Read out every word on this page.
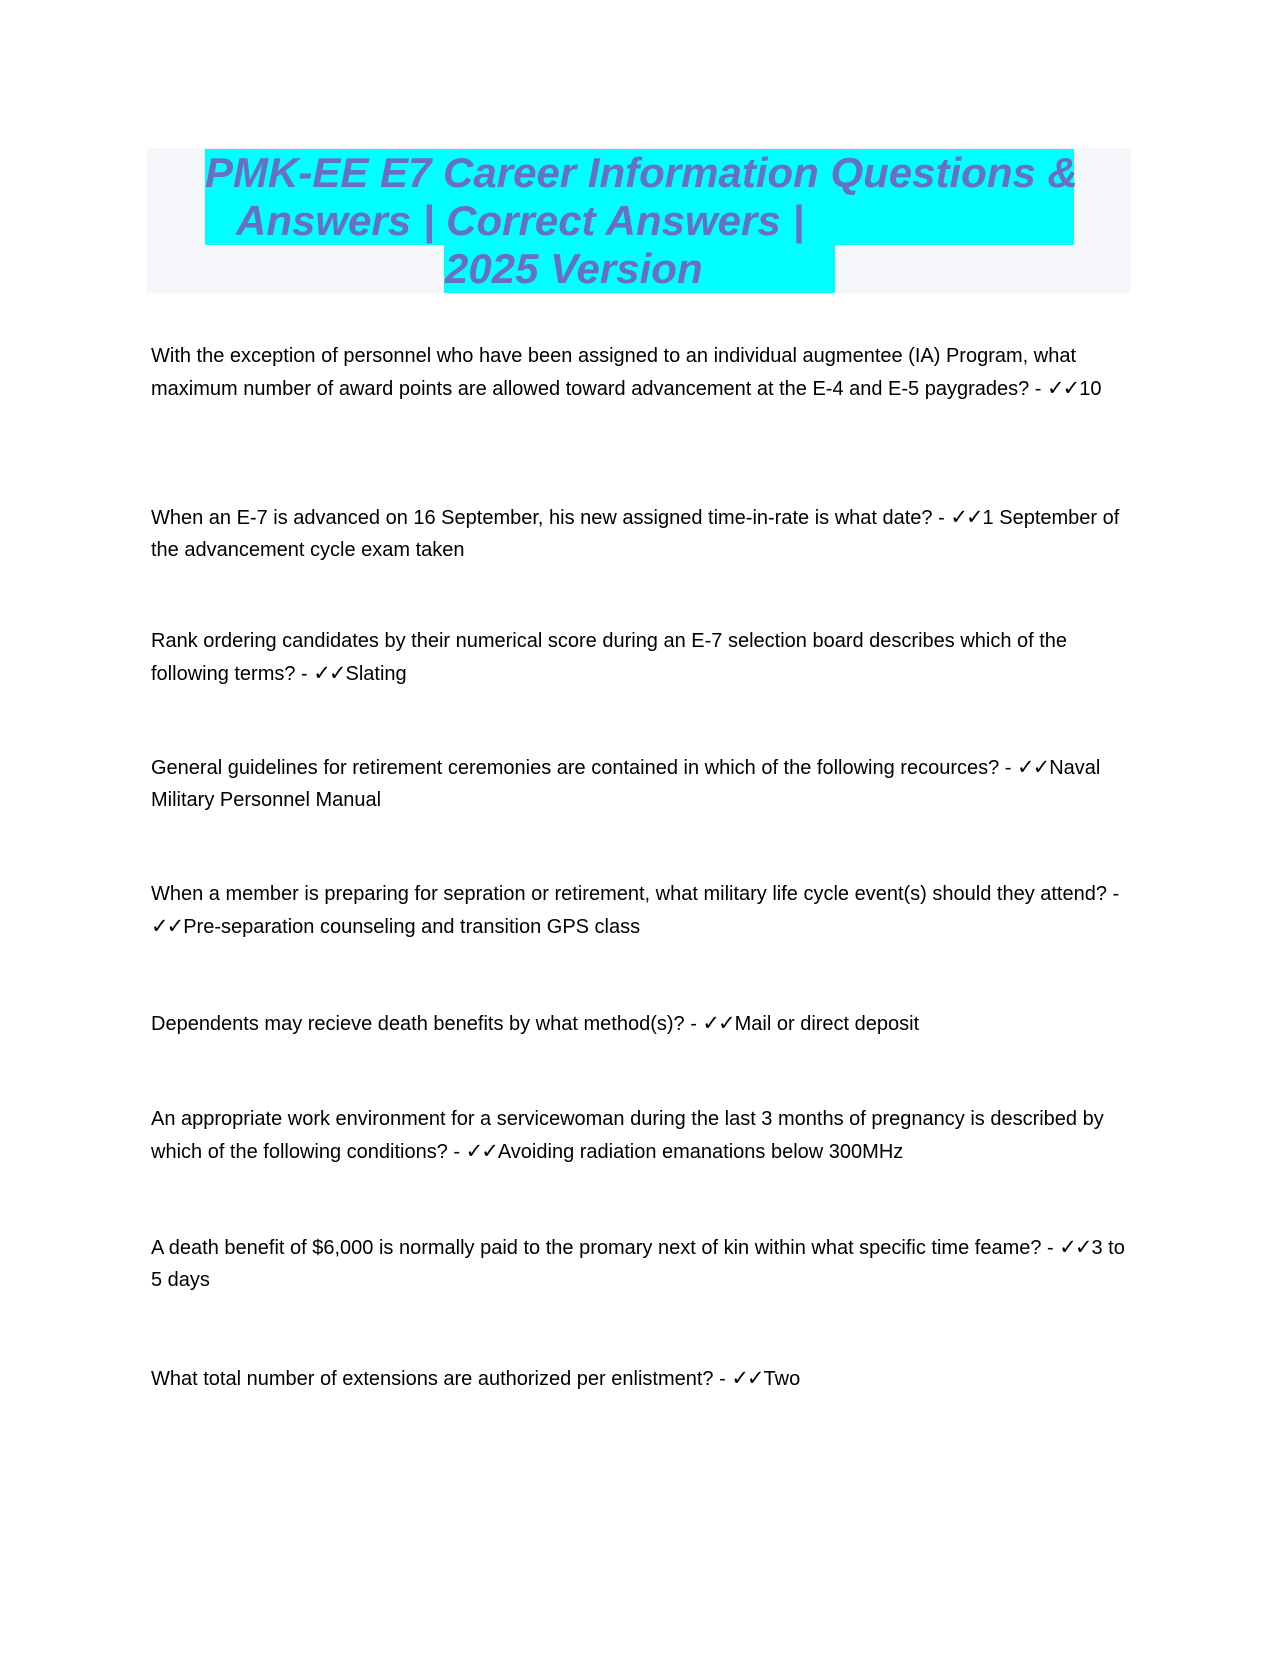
PMK-EE E7 Career Information Questions &
Answers | Correct Answers |
2025 Version
With the exception of personnel who have been assigned to an individual augmentee (IA) Program, what maximum number of award points are allowed toward advancement at the E-4 and E-5 paygrades? - ✓✓10
When an E-7 is advanced on 16 September, his new assigned time-in-rate is what date? - ✓✓1 September of the advancement cycle exam taken
Rank ordering candidates by their numerical score during an E-7 selection board describes which of the following terms? - ✓✓Slating
General guidelines for retirement ceremonies are contained in which of the following recources? - ✓✓Naval Military Personnel Manual
When a member is preparing for sepration or retirement, what military life cycle event(s) should they attend? - ✓✓Pre-separation counseling and transition GPS class
Dependents may recieve death benefits by what method(s)? - ✓✓Mail or direct deposit
An appropriate work environment for a servicewoman during the last 3 months of pregnancy is described by which of the following conditions? - ✓✓Avoiding radiation emanations below 300MHz
A death benefit of $6,000 is normally paid to the promary next of kin within what specific time feame? - ✓✓3 to 5 days
What total number of extensions are authorized per enlistment? - ✓✓Two
